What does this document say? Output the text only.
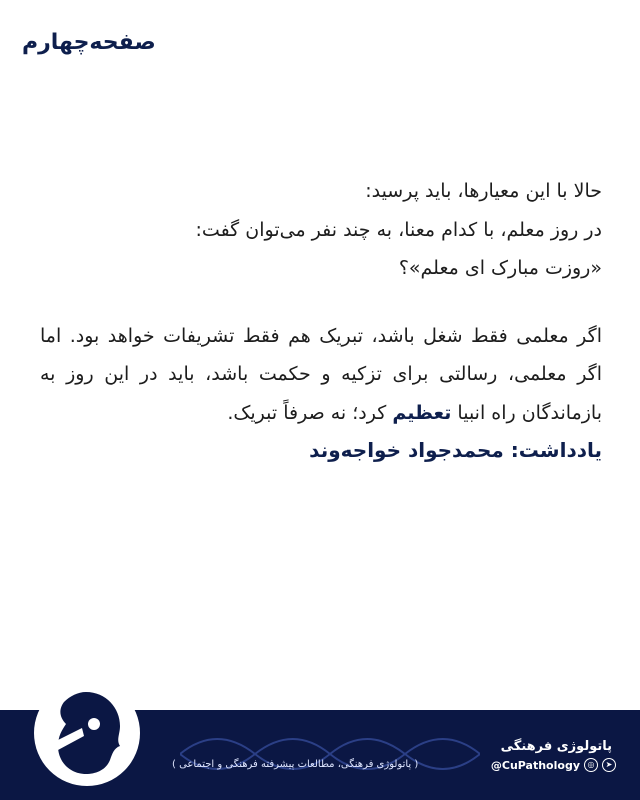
صفحه‌چهارم

حالا با این معیارها، باید پرسید:

در روز معلم، با کدام معنا، به چند نفر می‌توان گفت:

«روزت مبارک ای معلم»؟

اگر معلمی فقط شغل باشد، تبریک هم فقط تشریفات خواهد بود. اما اگر معلمی، رسالتی برای تزکیه و حکمت باشد، باید در این روز به بازماندگان راه انبیا تعظیم کرد؛ نه صرفاً تبریک.

یادداشت: محمدجواد خواجه‌وند
( پاتولوژی فرهنگی، مطالعات پیشرفته فرهنگی و اجتماعی )
پاتولوژی فرهنگی
@CuPathology ◎	➤
